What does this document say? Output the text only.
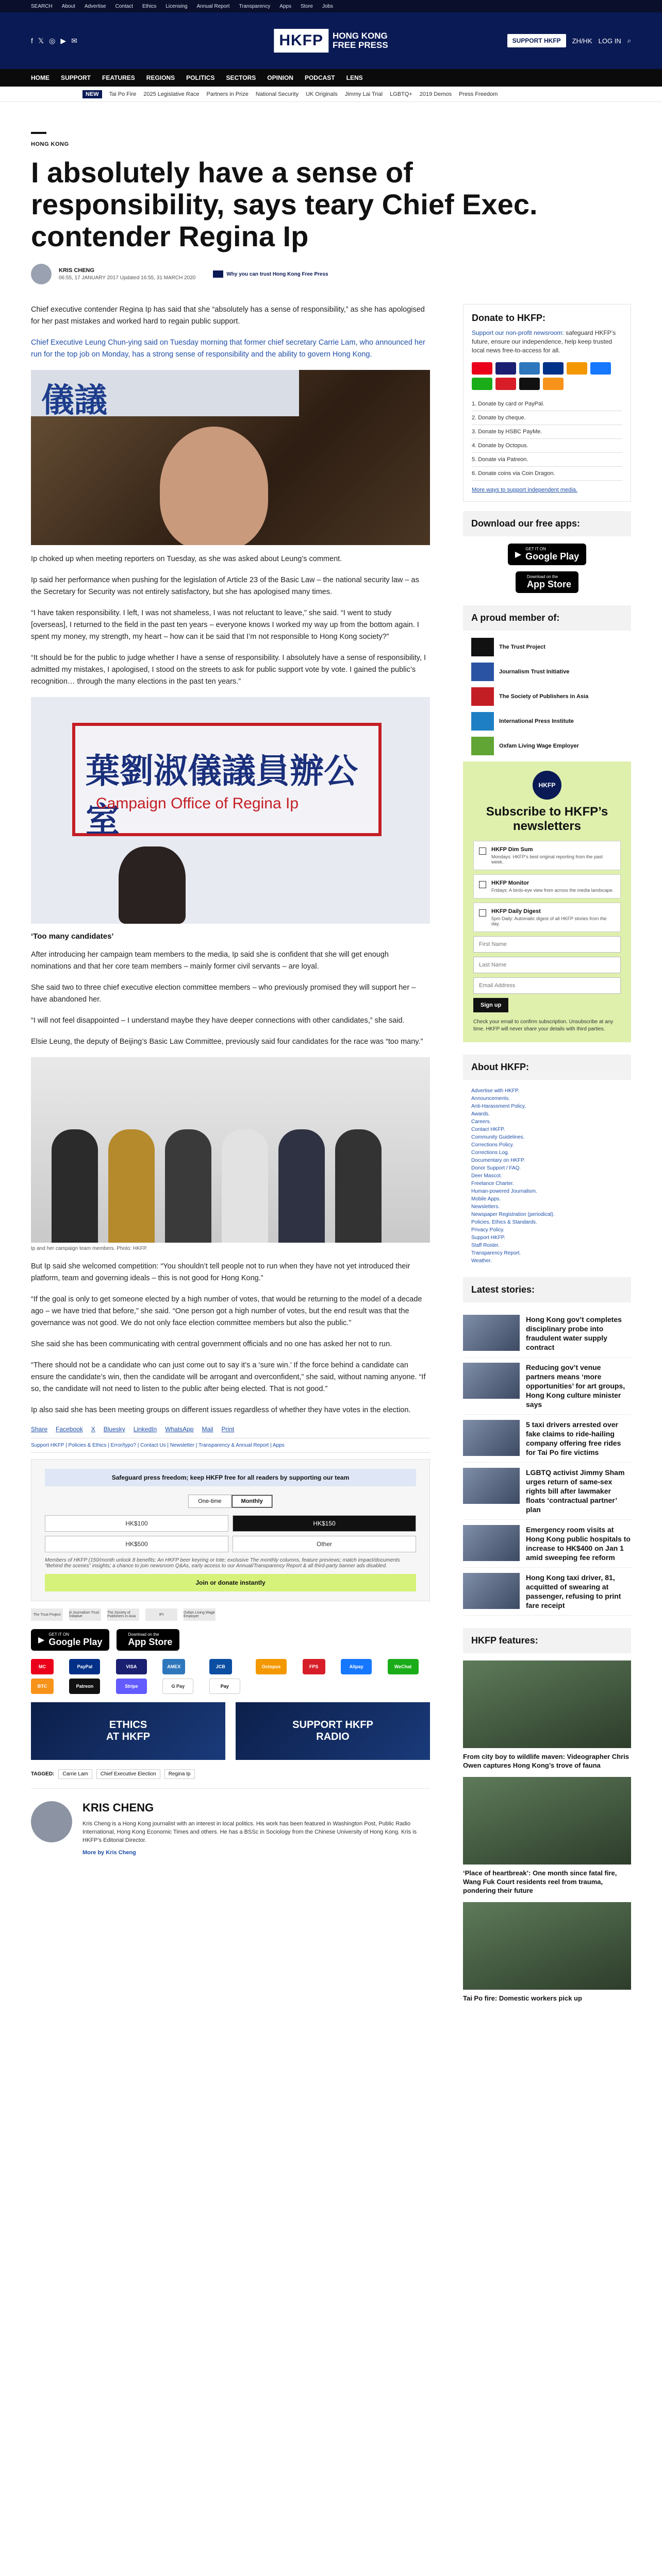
SEARCH About Advertise Contact Ethics Licensing Annual Report Transparency Apps Store Jobs
f 𝕏 ◎ ▶ ✉	HKFP	HONG KONG
FREE PRESS	SUPPORT HKFP	ZH/HK LOG IN ⌕
HOME SUPPORT FEATURES REGIONS POLITICS SECTORS OPINION PODCAST LENS
NEW	Tai Po Fire 2025 Legislative Race Partners in Prize National Security UK Originals Jimmy Lai Trial LGBTQ+ 2019 Demos Press Freedom
HONG KONG
I absolutely have a sense of responsibility, says teary Chief Exec. contender Regina Ip
KRIS CHENG
06:55, 17 JANUARY 2017 Updated 16:55, 31 MARCH 2020
Why you can trust Hong Kong Free Press

Chief executive contender Regina Ip has said that she “absolutely has a sense of responsibility,” as she has apologised for her past mistakes and worked hard to regain public support.

Chief Executive Leung Chun-ying said on Tuesday morning that former chief secretary Carrie Lam, who announced her run for the top job on Monday, has a strong sense of responsibility and the ability to govern Hong Kong.

儀議

Ip choked up when meeting reporters on Tuesday, as she was asked about Leung’s comment.

Ip said her performance when pushing for the legislation of Article 23 of the Basic Law – the national security law – as the Secretary for Security was not entirely satisfactory, but she has apologised many times.

“I have taken responsibility. I left, I was not shameless, I was not reluctant to leave,” she said. “I went to study [overseas], I returned to the field in the past ten years – everyone knows I worked my way up from the bottom again. I spent my money, my strength, my heart – how can it be said that I’m not responsible to Hong Kong society?”

“It should be for the public to judge whether I have a sense of responsibility. I absolutely have a sense of responsibility, I admitted my mistakes, I apologised, I stood on the streets to ask for public support vote by vote. I gained the public’s recognition… through the many elections in the past ten years.”

葉劉淑儀議員辦公室
Campaign Office of Regina Ip
‘Too many candidates’

After introducing her campaign team members to the media, Ip said she is confident that she will get enough nominations and that her core team members – mainly former civil servants – are loyal.

She said two to three chief executive election committee members – who previously promised they will support her – have abandoned her.

“I will not feel disappointed – I understand maybe they have deeper connections with other candidates,” she said.

Elsie Leung, the deputy of Beijing’s Basic Law Committee, previously said four candidates for the race was “too many.”

Ip and her campaign team members. Photo: HKFP.

But Ip said she welcomed competition: “You shouldn’t tell people not to run when they have not yet introduced their platform, team and governing ideals – this is not good for Hong Kong.”

“If the goal is only to get someone elected by a high number of votes, that would be returning to the model of a decade ago – we have tried that before,” she said. “One person got a high number of votes, but the end result was that the governance was not good. We do not only face election committee members but also the public.”

She said she has been communicating with central government officials and no one has asked her not to run.

“There should not be a candidate who can just come out to say it’s a ‘sure win.’ If the force behind a candidate can ensure the candidate’s win, then the candidate will be arrogant and overconfident,” she said, without naming anyone. “If so, the candidate will not need to listen to the public after being elected. That is not good.”

Ip also said she has been meeting groups on different issues regardless of whether they have votes in the election.

Share Facebook X Bluesky LinkedIn WhatsApp Mail Print
Support HKFP | Policies & Ethics | Error/typo? | Contact Us | Newsletter | Transparency & Annual Report | Apps
Safeguard press freedom; keep HKFP free for all readers by supporting our team
One-time	Monthly
HK$100	HK$150
HK$500	Other
Members of HKFP (150/month unlock 8 benefits: An HKFP beer keyring or tote; exclusive The monthly columns, feature previews; match impact/documents “Behind the scenes” insights; a chance to join newsroom Q&As, early access to our Annual/Transparency Report & all third-party banner ads disabled.
Join or donate instantly
The Trust Project	jti Journalism Trust Initiative
The Society of Publishers in Asia	IPI	Oxfam Living Wage Employer
▶
GET IT ON
Google Play
Download on the
App Store
MC	PayPal	VISA	AMEX	JCB	Octopus	FPS	Alipay	WeChat
BTC	Patreon	Stripe	G Pay	Pay
ETHICS
AT HKFP
SUPPORT HKFP
RADIO
TAGGED:	Carrie Lam	Chief Executive Election	Regina Ip
KRIS CHENG
Kris Cheng is a Hong Kong journalist with an interest in local politics. His work has been featured in Washington Post, Public Radio International, Hong Kong Economic Times and others. He has a BSSc in Sociology from the Chinese University of Hong Kong. Kris is HKFP’s Editorial Director.
More by Kris Cheng
Donate to HKFP:
Support our non-profit newsroom: safeguard HKFP’s future, ensure our independence, help keep trusted local news free-to-access for all.
1. Donate by card or PayPal.
2. Donate by cheque.
3. Donate by HSBC PayMe.
4. Donate by Octopus.
5. Donate via Patreon.
6. Donate coins via Coin Dragon.
More ways to support independent media.
Download our free apps:
▶
GET IT ON
Google Play
Download on the
App Store
A proud member of:
The Trust Project
Journalism Trust Initiative
The Society of Publishers in Asia
International Press Institute
Oxfam Living Wage Employer
HKFP
Subscribe to HKFP’s newsletters
HKFP Dim Sum
Mondays: HKFP’s best original reporting from the past week.
HKFP Monitor
Fridays: A birds-eye view from across the media landscape.
HKFP Daily Digest
5pm Daily: Automatic digest of all HKFP stories from the day.
First Name
Last Name
Email Address
Sign up
Check your email to confirm subscription. Unsubscribe at any time. HKFP will never share your details with third parties.
About HKFP:
Advertise with HKFP.
Announcements.
Anti-Harassment Policy.
Awards.
Careers.
Contact HKFP.
Community Guidelines.
Corrections Policy.
Corrections Log.
Documentary on HKFP.
Donor Support / FAQ.
Deer Mascot.
Freelance Charter.
Human-powered Journalism.
Mobile Apps.
Newsletters.
Newspaper Registration (periodical).
Policies, Ethics & Standards.
Privacy Policy.
Support HKFP.
Staff Roster.
Transparency Report.
Weather.
Latest stories:
Hong Kong gov’t completes disciplinary probe into fraudulent water supply contract
Reducing gov’t venue partners means ‘more opportunities’ for art groups, Hong Kong culture minister says
5 taxi drivers arrested over fake claims to ride-hailing company offering free rides for Tai Po fire victims
LGBTQ activist Jimmy Sham urges return of same-sex rights bill after lawmaker floats ‘contractual partner’ plan
Emergency room visits at Hong Kong public hospitals to increase to HK$400 on Jan 1 amid sweeping fee reform
Hong Kong taxi driver, 81, acquitted of swearing at passenger, refusing to print fare receipt
HKFP features:
From city boy to wildlife maven: Videographer Chris Owen captures Hong Kong’s trove of fauna
‘Place of heartbreak’: One month since fatal fire, Wang Fuk Court residents reel from trauma, pondering their future
Tai Po fire: Domestic workers pick up
